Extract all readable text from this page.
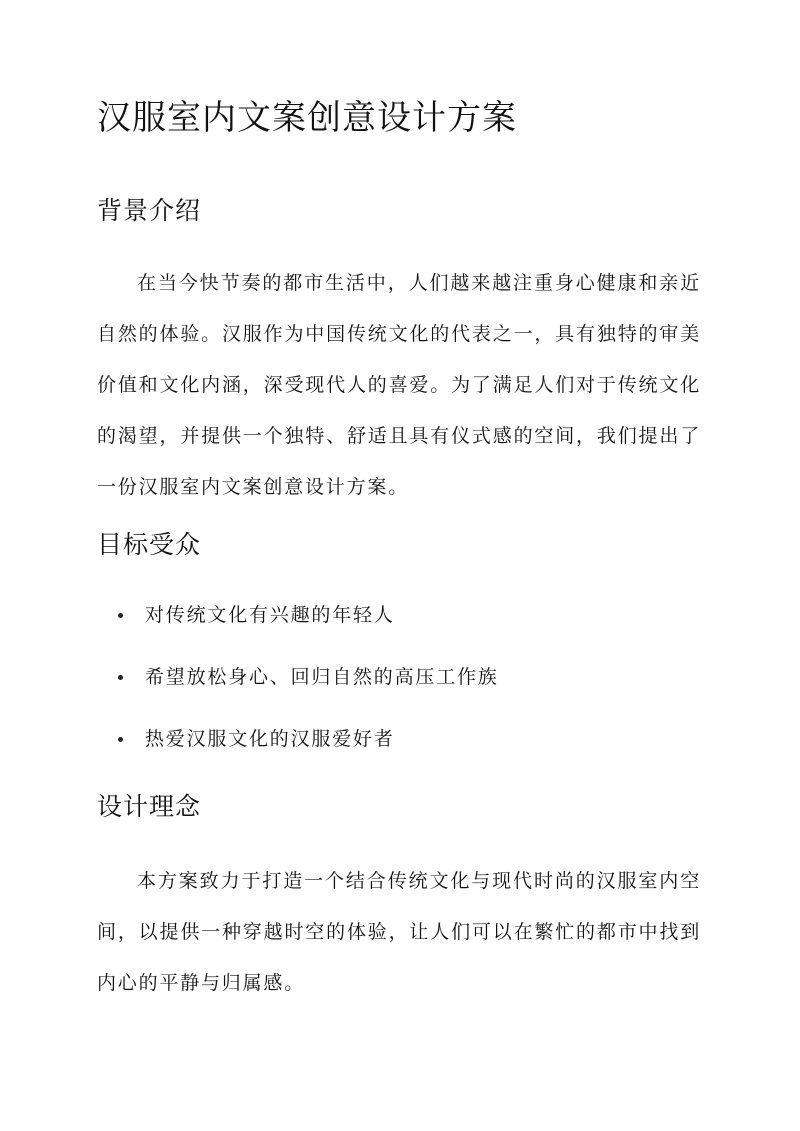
汉服室内文案创意设计方案
背景介绍

在当今快节奏的都市生活中，人们越来越注重身心健康和亲近自然的体验。汉服作为中国传统文化的代表之一，具有独特的审美价值和文化内涵，深受现代人的喜爱。为了满足人们对于传统文化的渴望，并提供一个独特、舒适且具有仪式感的空间，我们提出了一份汉服室内文案创意设计方案。

目标受众
对传统文化有兴趣的年轻人
希望放松身心、回归自然的高压工作族
热爱汉服文化的汉服爱好者
设计理念

本方案致力于打造一个结合传统文化与现代时尚的汉服室内空间，以提供一种穿越时空的体验，让人们可以在繁忙的都市中找到内心的平静与归属感。
